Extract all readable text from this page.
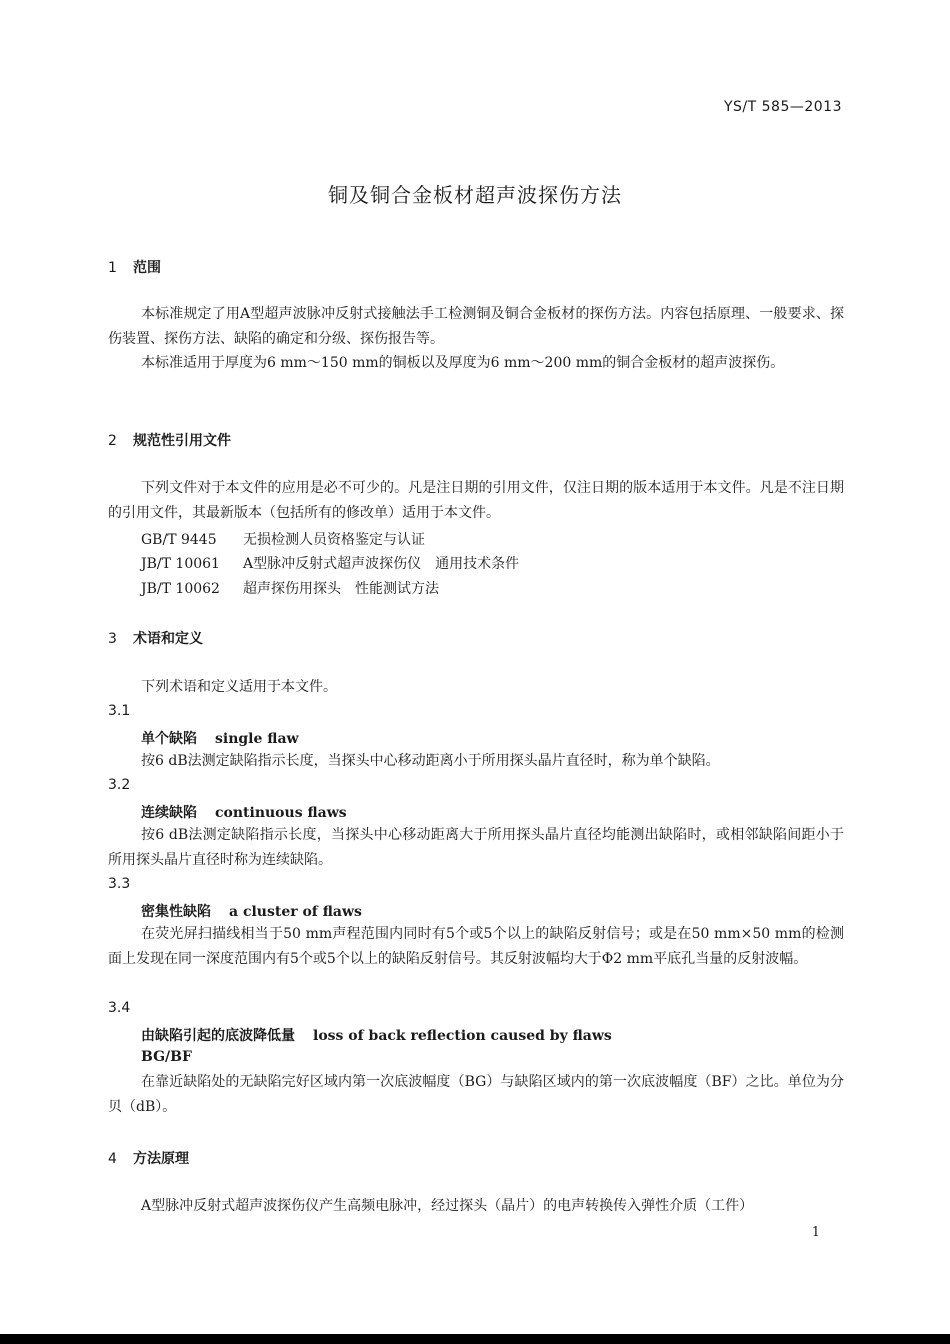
YS/T 585—2013
铜及铜合金板材超声波探伤方法
1 范围
本标准规定了用A型超声波脉冲反射式接触法手工检测铜及铜合金板材的探伤方法。内容包括原理、一般要求、探伤装置、探伤方法、缺陷的确定和分级、探伤报告等。
本标准适用于厚度为6 mm～150 mm的铜板以及厚度为6 mm～200 mm的铜合金板材的超声波探伤。
2 规范性引用文件
下列文件对于本文件的应用是必不可少的。凡是注日期的引用文件，仅注日期的版本适用于本文件。凡是不注日期的引用文件，其最新版本（包括所有的修改单）适用于本文件。
GB/T 9445 无损检测人员资格鉴定与认证
JB/T 10061 A型脉冲反射式超声波探伤仪　通用技术条件
JB/T 10062 超声探伤用探头　性能测试方法
3 术语和定义
下列术语和定义适用于本文件。
3.1
单个缺陷 single flaw
按6 dB法测定缺陷指示长度，当探头中心移动距离小于所用探头晶片直径时，称为单个缺陷。
3.2
连续缺陷 continuous flaws
按6 dB法测定缺陷指示长度，当探头中心移动距离大于所用探头晶片直径均能测出缺陷时，或相邻缺陷间距小于所用探头晶片直径时称为连续缺陷。
3.3
密集性缺陷 a cluster of flaws
在荧光屏扫描线相当于50 mm声程范围内同时有5个或5个以上的缺陷反射信号；或是在50 mm×50 mm的检测面上发现在同一深度范围内有5个或5个以上的缺陷反射信号。其反射波幅均大于Φ2 mm平底孔当量的反射波幅。
3.4
由缺陷引起的底波降低量 loss of back reflection caused by flaws
BG/BF
在靠近缺陷处的无缺陷完好区域内第一次底波幅度（BG）与缺陷区域内的第一次底波幅度（BF）之比。单位为分贝（dB）。
4 方法原理
A型脉冲反射式超声波探伤仪产生高频电脉冲，经过探头（晶片）的电声转换传入弹性介质（工件）
1
